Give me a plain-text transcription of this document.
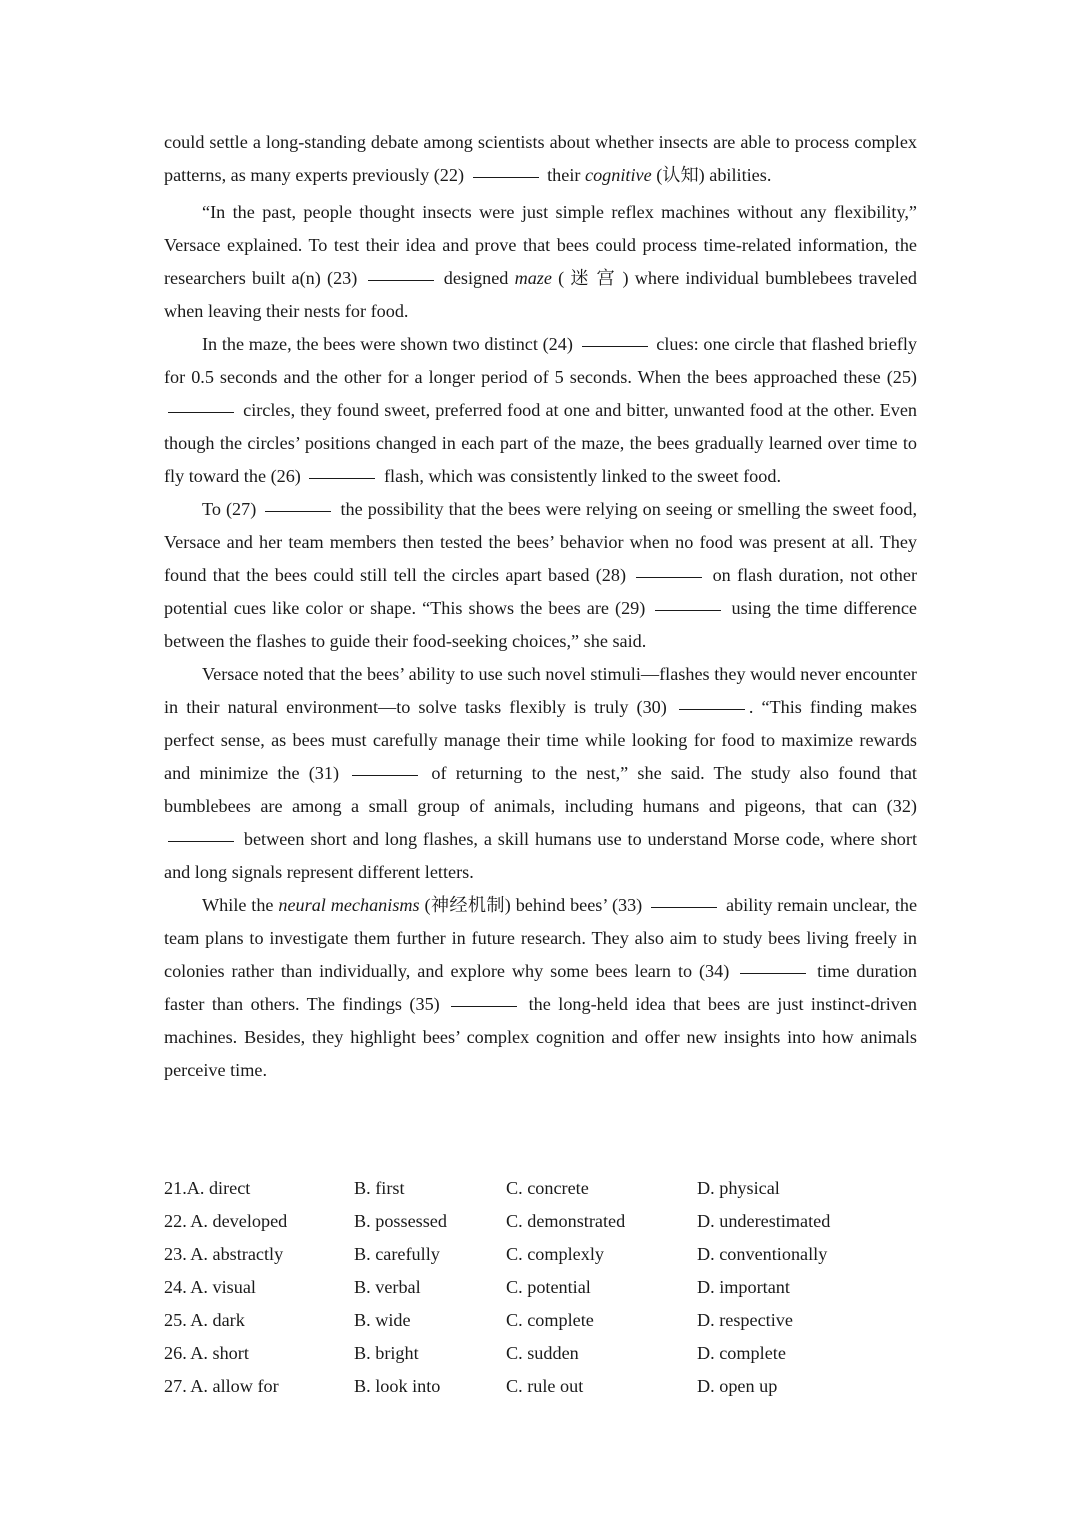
could settle a long-standing debate among scientists about whether insects are able to process complex patterns, as many experts previously (22)	their cognitive (认知) abilities.

“In the past, people thought insects were just simple reflex machines without any flexibility,” Versace explained. To test their idea and prove that bees could process time-related information, the researchers built a(n) (23)	designed maze ( 迷 宫 ) where individual bumblebees traveled when leaving their nests for food.

In the maze, the bees were shown two distinct (24)	clues: one circle that flashed briefly for 0.5 seconds and the other for a longer period of 5 seconds. When the bees approached these (25)  circles, they found sweet, preferred food at one and bitter, unwanted food at the other. Even though the circles’ positions changed in each part of the maze, the bees gradually learned over time to fly toward the (26)	flash, which was consistently linked to the sweet food.

To (27)	the possibility that the bees were relying on seeing or smelling the sweet food, Versace and her team members then tested the bees’ behavior when no food was present at all. They found that the bees could still tell the circles apart based (28)	on flash duration, not other potential cues like color or shape. “This shows the bees are (29)	using the time difference between the flashes to guide their food-seeking choices,” she said.

Versace noted that the bees’ ability to use such novel stimuli—flashes they would never encounter in their natural environment—to solve tasks flexibly is truly (30)	. “This finding makes perfect sense, as bees must carefully manage their time while looking for food to maximize rewards and minimize the (31)	of returning to the nest,” she said. The study also found that bumblebees are among a small group of animals, including humans and pigeons, that can (32)  between short and long flashes, a skill humans use to understand Morse code, where short and long signals represent different letters.

While the neural mechanisms (神经机制) behind bees’ (33)	ability remain unclear, the team plans to investigate them further in future research. They also aim to study bees living freely in colonies rather than individually, and explore why some bees learn to (34)	time duration faster than others. The findings (35)	the long-held idea that bees are just instinct-driven machines. Besides, they highlight bees’ complex cognition and offer new insights into how animals perceive time.

21.A. direct	B. first	C. concrete	D. physical
22. A. developed	B. possessed	C. demonstrated	D. underestimated
23. A. abstractly	B. carefully	C. complexly	D. conventionally
24. A. visual	B. verbal	C. potential	D. important
25. A. dark	B. wide	C. complete	D. respective
26. A. short	B. bright	C. sudden	D. complete
27. A. allow for	B. look into	C. rule out	D. open up
